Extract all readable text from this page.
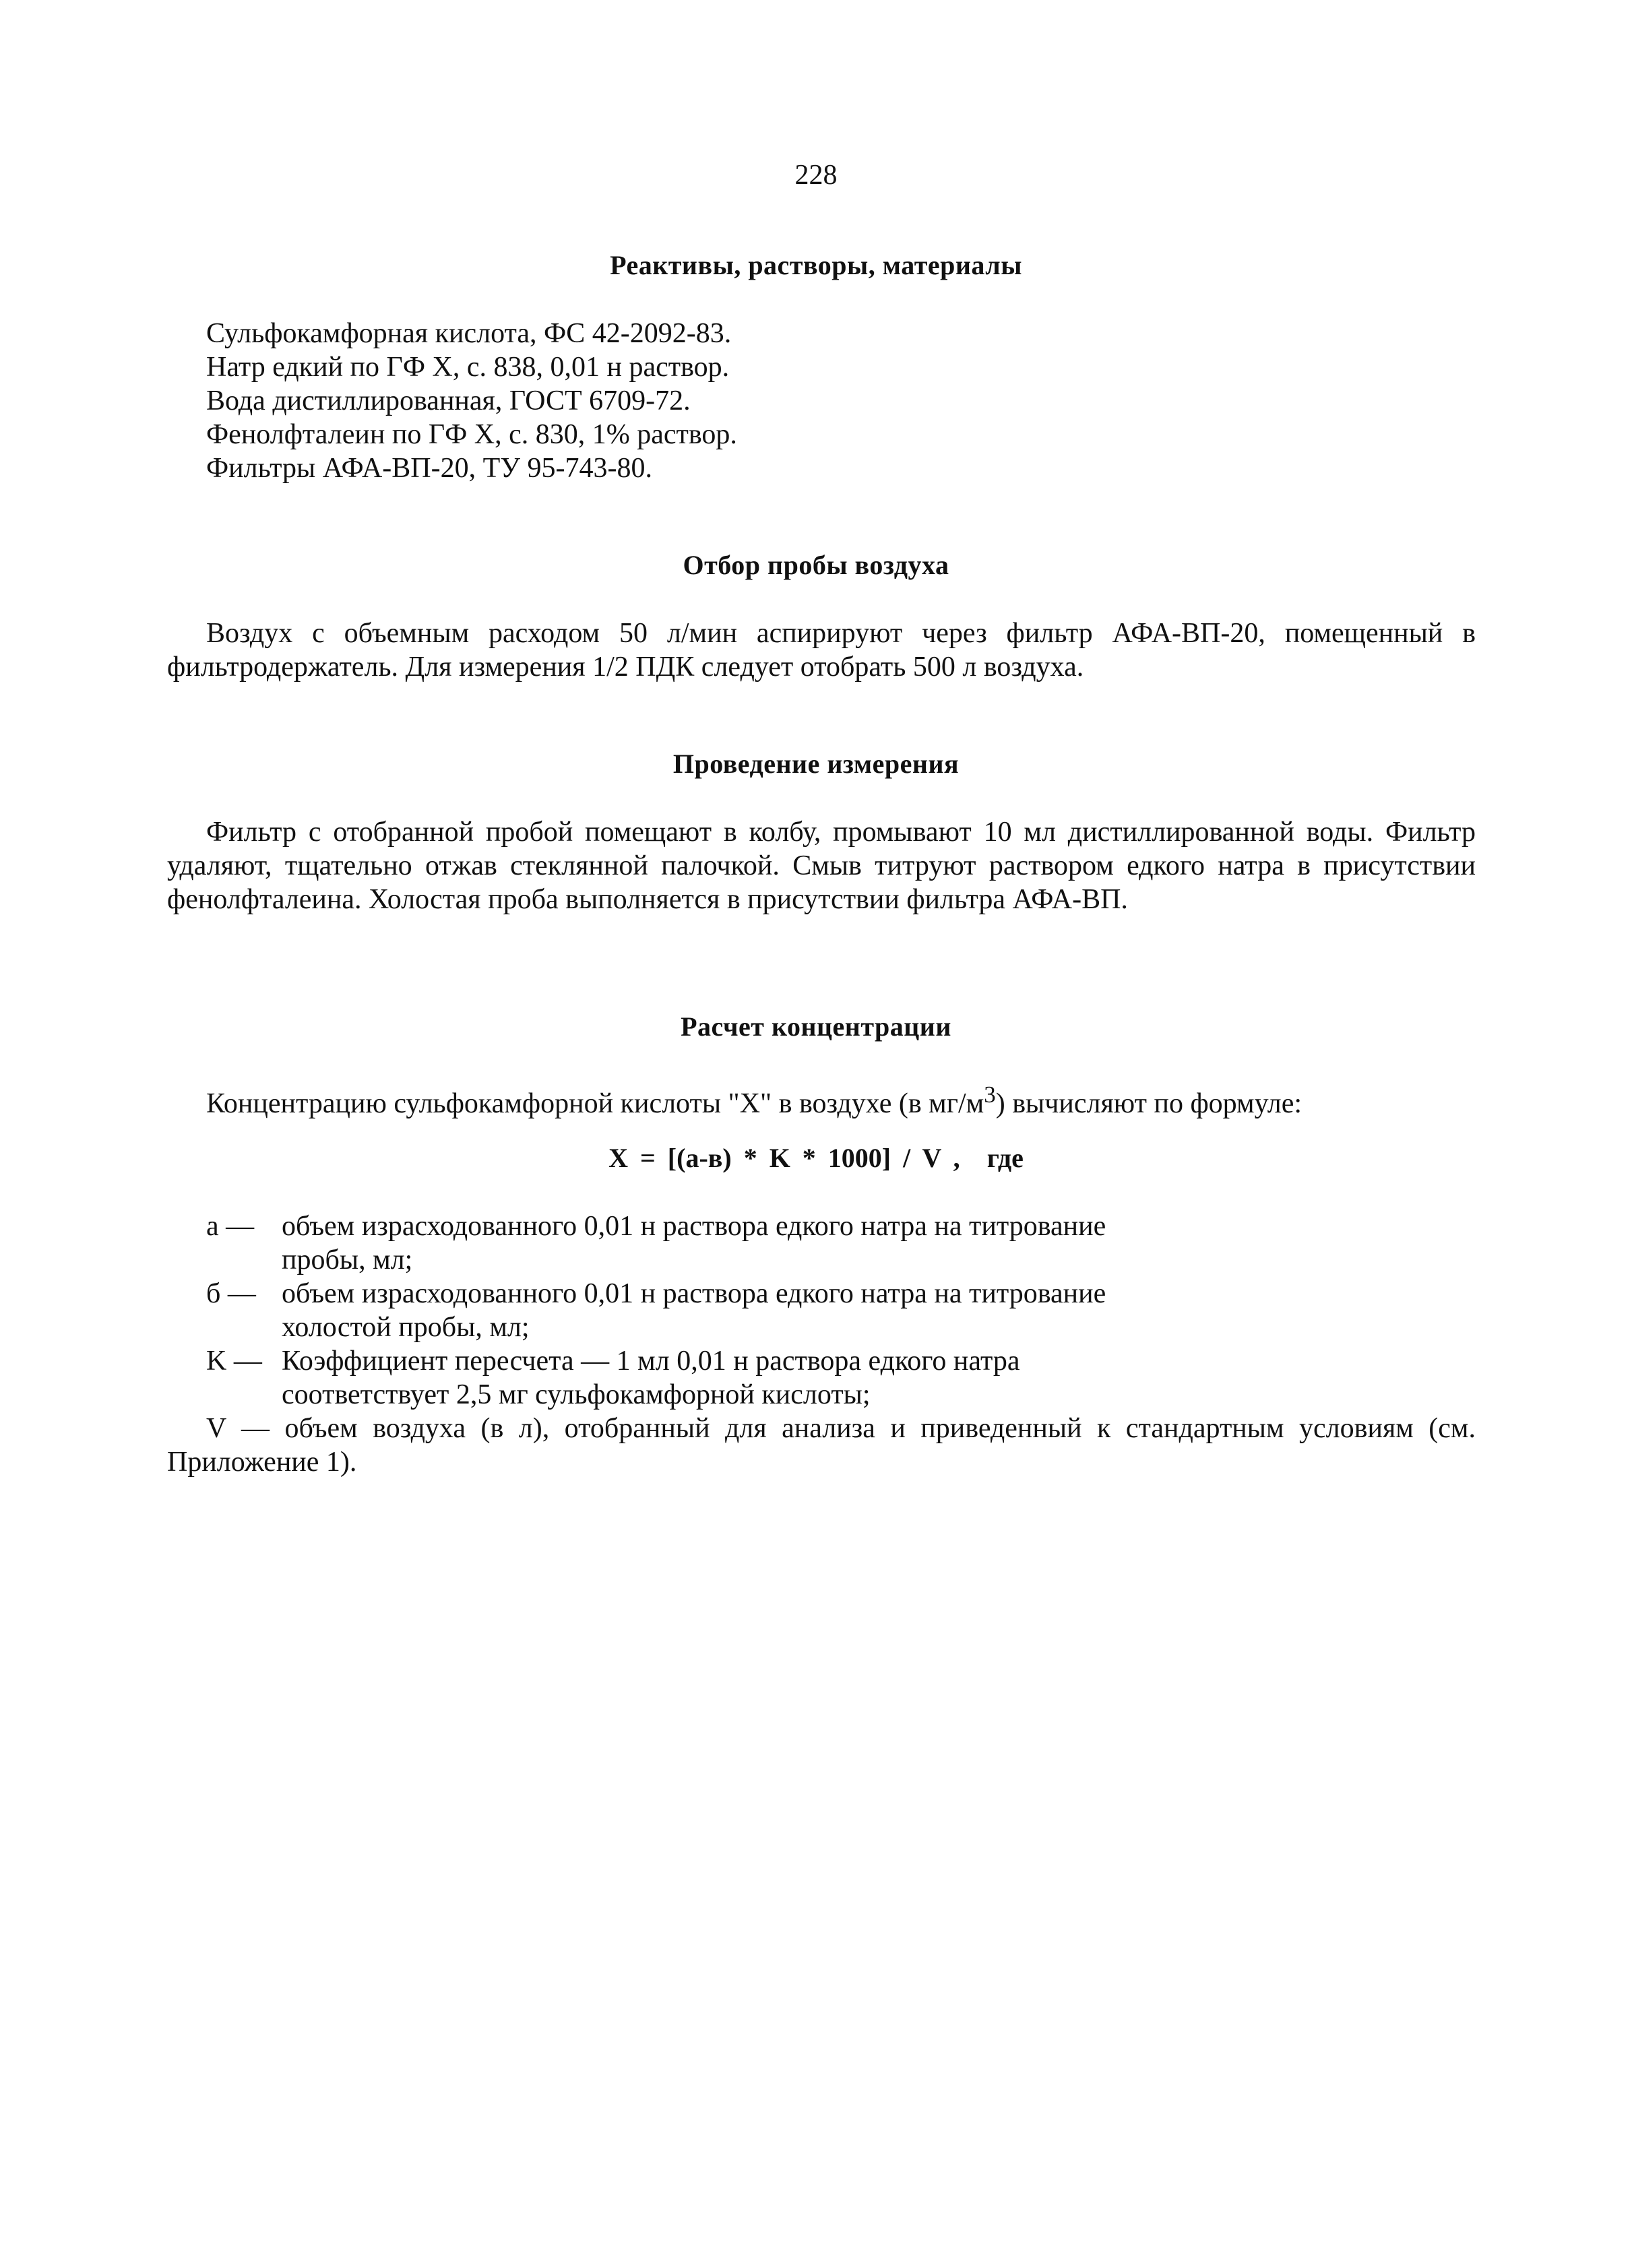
228
Реактивы, растворы, материалы
Сульфокамфорная кислота, ФС 42-2092-83.
Натр едкий по ГФ X, с. 838, 0,01 н раствор.
Вода дистиллированная, ГОСТ 6709-72.
Фенолфталеин по ГФ X, с. 830, 1% раствор.
Фильтры АФА-ВП-20, ТУ 95-743-80.
Отбор пробы воздуха
Воздух с объемным расходом 50 л/мин аспирируют через фильтр АФА-ВП-20, помещенный в фильтродержатель. Для измерения 1/2 ПДК следует отобрать 500 л воздуха.
Проведение измерения
Фильтр с отобранной пробой помещают в колбу, промывают 10 мл дистиллированной воды. Фильтр удаляют, тщательно отжав стеклянной палочкой. Смыв титруют раствором едкого натра в присутствии фенолфталеина. Холостая проба выполняется в присутствии фильтра АФА-ВП.
Расчет концентрации
Концентрацию сульфокамфорной кислоты "X" в воздухе (в $мг/м^3$) вычисляют по формуле:
X = [(а-в) * K * 1000] / V , где
а — объем израсходованного 0,01 н раствора едкого натра на титрование
пробы, мл;
б — объем израсходованного 0,01 н раствора едкого натра на титрование
холостой пробы, мл;
K — Коэффициент пересчета — 1 мл 0,01 н раствора едкого натра
соответствует 2,5 мг сульфокамфорной кислоты;
V — объем воздуха (в л), отобранный для анализа и приведенный к стандартным условиям (см. Приложение 1).
